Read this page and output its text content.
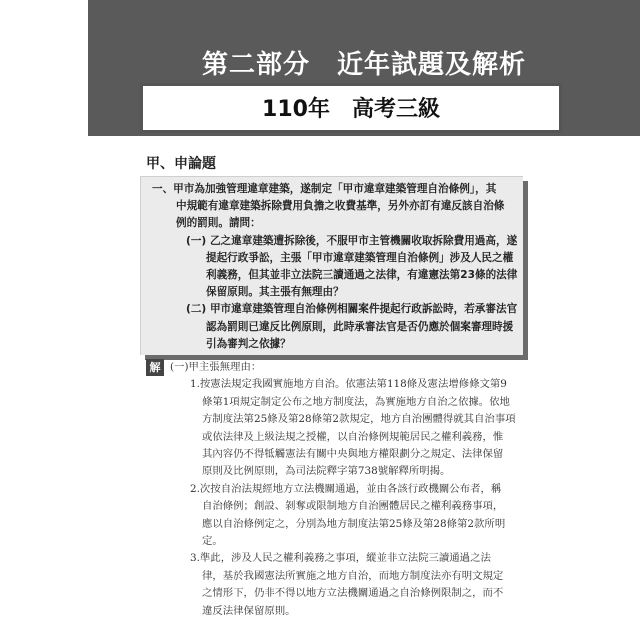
第二部分　近年試題及解析
110年　高考三級
甲、申論題
一、甲市為加強管理違章建築，遂制定「甲市違章建築管理自治條例」，其
中規範有違章建築拆除費用負擔之收費基準，另外亦訂有違反該自治條
例的罰則。請問：
(一) 乙之違章建築遭拆除後，不服甲市主管機關收取拆除費用過高，遂
提起行政爭訟，主張「甲市違章建築管理自治條例」涉及人民之權
利義務，但其並非立法院三讀通過之法律，有違憲法第23條的法律
保留原則。其主張有無理由？
(二) 甲市違章建築管理自治條例相關案件提起行政訴訟時，若承審法官
認為罰則已違反比例原則，此時承審法官是否仍應於個案審理時援
解 (一)甲主張無理由：
1.按憲法規定我國實施地方自治。依憲法第118條及憲法增修條文第9
條第1項規定制定公布之地方制度法，為實施地方自治之依據。依地
方制度法第25條及第28條第2款規定，地方自治團體得就其自治事項
或依法律及上級法規之授權，以自治條例規範居民之權利義務，惟
其內容仍不得牴觸憲法有關中央與地方權限劃分之規定、法律保留
原則及比例原則，為司法院釋字第738號解釋所明揭。
2.次按自治法規經地方立法機關通過，並由各該行政機關公布者，稱
自治條例；創設、剝奪或限制地方自治團體居民之權利義務事項，
應以自治條例定之，分別為地方制度法第25條及第28條第2款所明
定。
3.準此，涉及人民之權利義務之事項，縱並非立法院三讀通過之法
律，基於我國憲法所實施之地方自治，而地方制度法亦有明文規定
引為審判之依據？
之情形下，仍非不得以地方立法機關通過之自治條例限制之，而不
違反法律保留原則。
